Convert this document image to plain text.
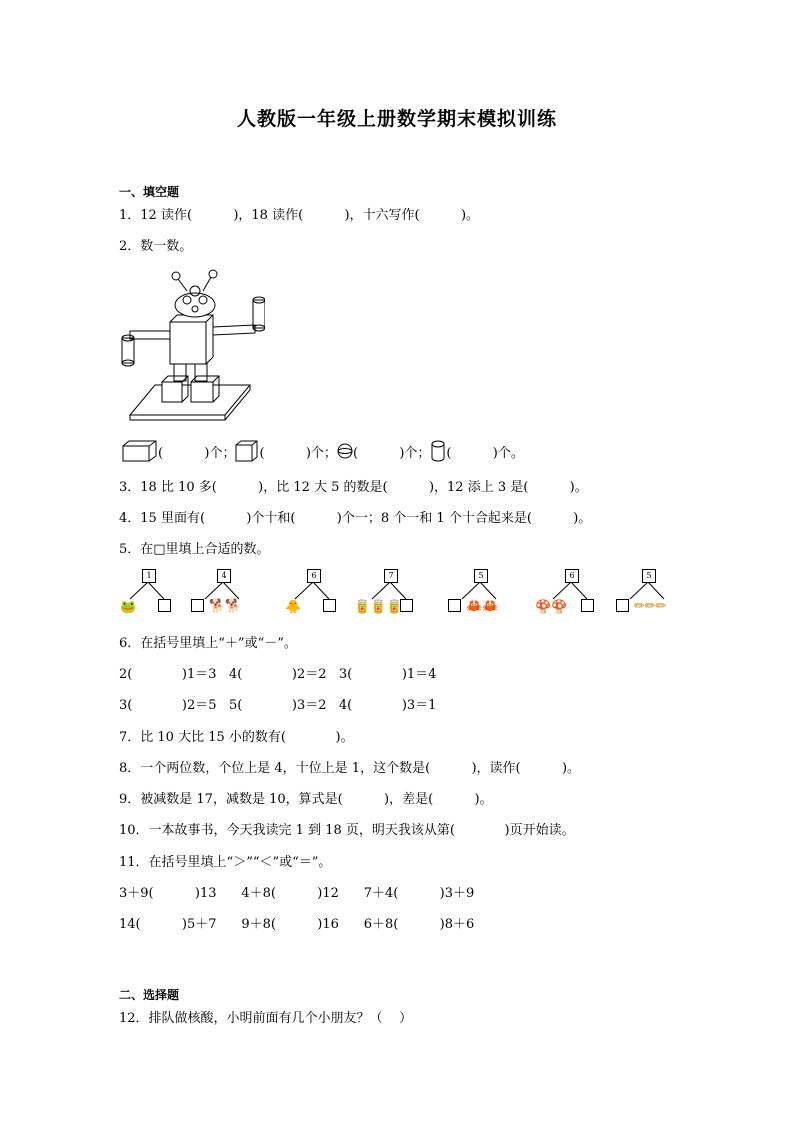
人教版一年级上册数学期末模拟训练
一、填空题
1．12 读作(          )，18 读作(          )，十六写作(          )。
2．数一数。
(          )个； (          )个； (          )个； (          )个。
3．18 比 10 多(          )，比 12 大 5 的数是(          )，12 添上 3 是(          )。
4．15 里面有(          )个十和(          )个一；8 个一和 1 个十合起来是(          )。
5．在□里填上合适的数。
1
🐸
4
🐕🐕
6
🐥
7
🥫🥫🥫
5
🦀🦀
6
🍄🍄
5
✏✏✏
6．在括号里填上“＋”或“－”。
2(            )1＝3   4(            )2＝2   3(            )1＝4
3(            )2＝5   5(            )3＝2   4(            )3＝1
7．比 10 大比 15 小的数有(            )。
8．一个两位数，个位上是 4，十位上是 1，这个数是(          )，读作(          )。
9．被减数是 17，减数是 10，算式是(          )，差是(          )。
10．一本故事书，今天我读完 1 到 18 页，明天我该从第(            )页开始读。
11．在括号里填上“＞”“＜”或“＝”。
3＋9(          )13      4＋8(          )12      7＋4(          )3＋9
14(          )5＋7      9＋8(          )16      6＋8(          )8＋6
二、选择题
12．排队做核酸，小明前面有几个小朋友？（    ）
